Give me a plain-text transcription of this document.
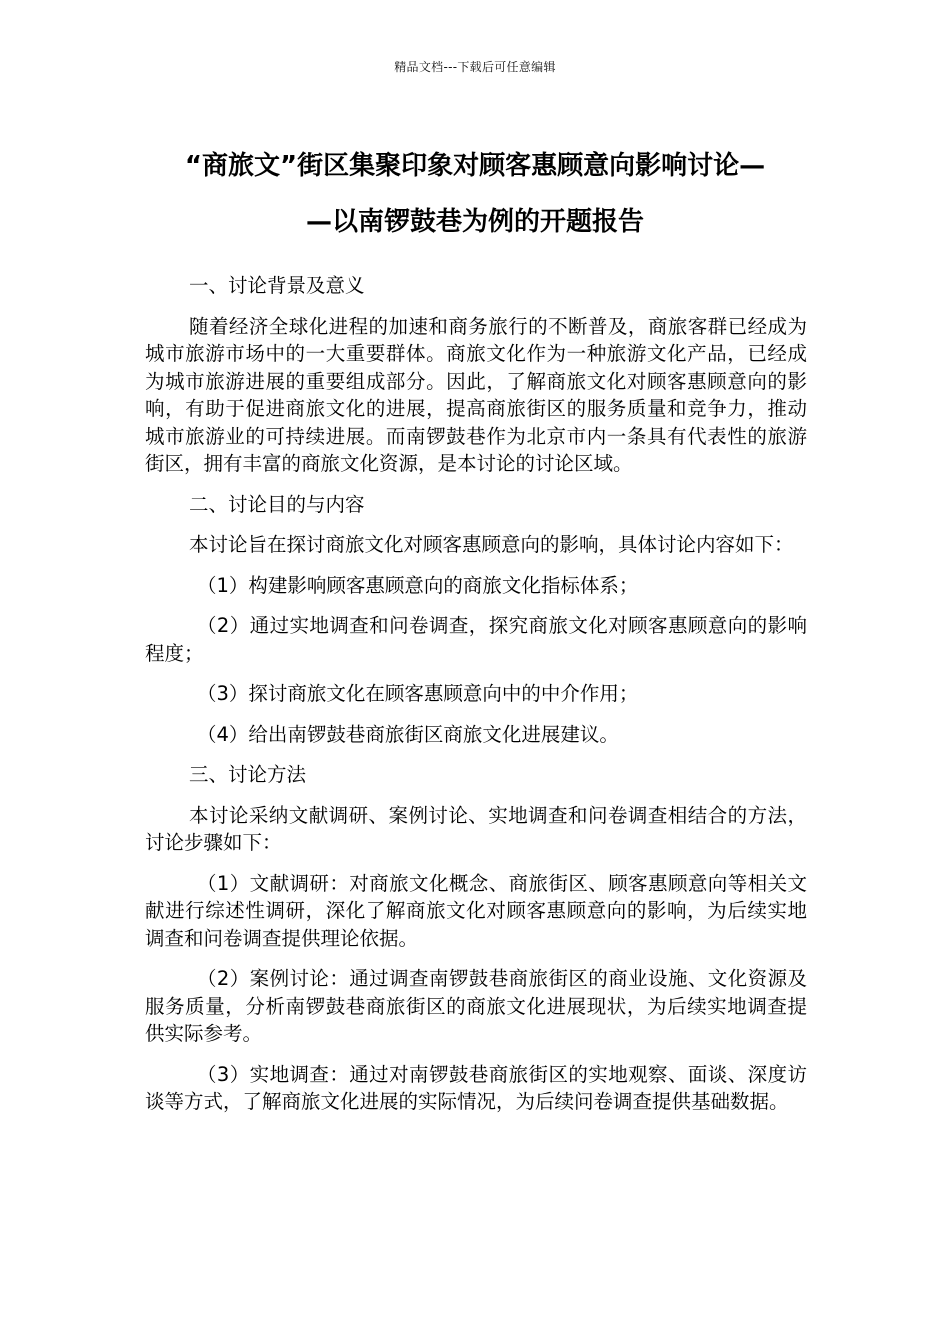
精品文档---下载后可任意编辑
“商旅文”街区集聚印象对顾客惠顾意向影响讨论—
—以南锣鼓巷为例的开题报告

一、讨论背景及意义

随着经济全球化进程的加速和商务旅行的不断普及，商旅客群已经成为城市旅游市场中的一大重要群体。商旅文化作为一种旅游文化产品，已经成为城市旅游进展的重要组成部分。因此，了解商旅文化对顾客惠顾意向的影响，有助于促进商旅文化的进展，提高商旅街区的服务质量和竞争力，推动城市旅游业的可持续进展。而南锣鼓巷作为北京市内一条具有代表性的旅游街区，拥有丰富的商旅文化资源，是本讨论的讨论区域。

二、讨论目的与内容

本讨论旨在探讨商旅文化对顾客惠顾意向的影响，具体讨论内容如下：

（1）构建影响顾客惠顾意向的商旅文化指标体系；

（2）通过实地调查和问卷调查，探究商旅文化对顾客惠顾意向的影响程度；

（3）探讨商旅文化在顾客惠顾意向中的中介作用；

（4）给出南锣鼓巷商旅街区商旅文化进展建议。

三、讨论方法

本讨论采纳文献调研、案例讨论、实地调查和问卷调查相结合的方法，讨论步骤如下：

（1）文献调研：对商旅文化概念、商旅街区、顾客惠顾意向等相关文献进行综述性调研，深化了解商旅文化对顾客惠顾意向的影响，为后续实地调查和问卷调查提供理论依据。

（2）案例讨论：通过调查南锣鼓巷商旅街区的商业设施、文化资源及服务质量，分析南锣鼓巷商旅街区的商旅文化进展现状，为后续实地调查提供实际参考。

（3）实地调查：通过对南锣鼓巷商旅街区的实地观察、面谈、深度访谈等方式，了解商旅文化进展的实际情况，为后续问卷调查提供基础数据。
